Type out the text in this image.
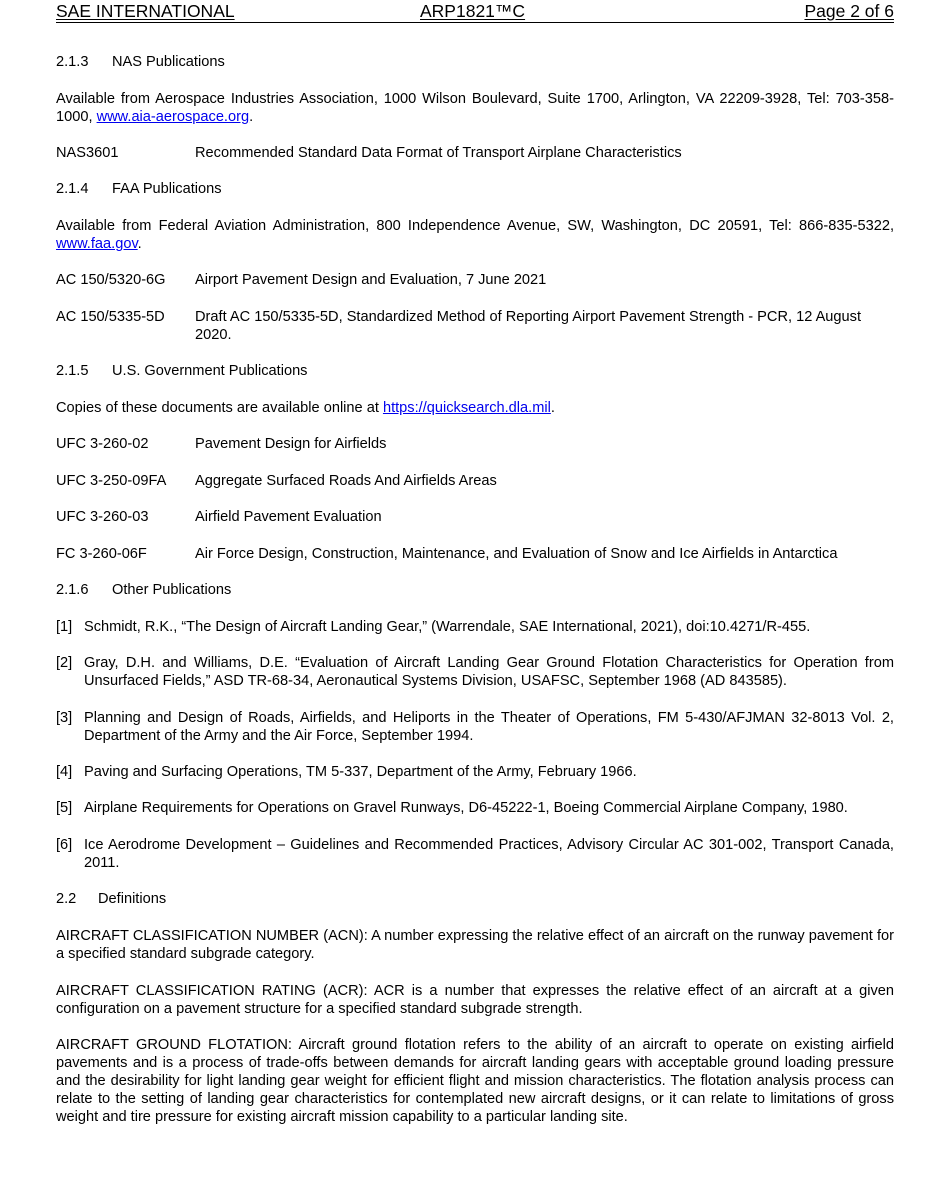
SAE INTERNATIONAL	ARP1821™C	Page 2 of 6
2.1.3 NAS Publications
Available from Aerospace Industries Association, 1000 Wilson Boulevard, Suite 1700, Arlington, VA 22209-3928, Tel: 703-358-1000, www.aia-aerospace.org.
NAS3601	Recommended Standard Data Format of Transport Airplane Characteristics
2.1.4 FAA Publications
Available from Federal Aviation Administration, 800 Independence Avenue, SW, Washington, DC 20591, Tel: 866-835-5322, www.faa.gov.
AC 150/5320-6G Airport Pavement Design and Evaluation, 7 June 2021
AC 150/5335-5D Draft AC 150/5335-5D, Standardized Method of Reporting Airport Pavement Strength - PCR, 12 August 2020.
2.1.5 U.S. Government Publications
Copies of these documents are available online at https://quicksearch.dla.mil.
UFC 3-260-02	Pavement Design for Airfields
UFC 3-250-09FA Aggregate Surfaced Roads And Airfields Areas
UFC 3-260-03	Airfield Pavement Evaluation
FC 3-260-06F	Air Force Design, Construction, Maintenance, and Evaluation of Snow and Ice Airfields in Antarctica
2.1.6 Other Publications
[1] Schmidt, R.K., “The Design of Aircraft Landing Gear,” (Warrendale, SAE International, 2021), doi:10.4271/R-455.
[2] Gray, D.H. and Williams, D.E. “Evaluation of Aircraft Landing Gear Ground Flotation Characteristics for Operation from Unsurfaced Fields,” ASD TR-68-34, Aeronautical Systems Division, USAFSC, September 1968 (AD 843585).
[3] Planning and Design of Roads, Airfields, and Heliports in the Theater of Operations, FM 5-430/AFJMAN 32-8013 Vol. 2, Department of the Army and the Air Force, September 1994.
[4] Paving and Surfacing Operations, TM 5-337, Department of the Army, February 1966.
[5] Airplane Requirements for Operations on Gravel Runways, D6-45222-1, Boeing Commercial Airplane Company, 1980.
[6] Ice Aerodrome Development – Guidelines and Recommended Practices, Advisory Circular AC 301-002, Transport Canada, 2011.
2.2 Definitions
AIRCRAFT CLASSIFICATION NUMBER (ACN): A number expressing the relative effect of an aircraft on the runway pavement for a specified standard subgrade category.
AIRCRAFT CLASSIFICATION RATING (ACR): ACR is a number that expresses the relative effect of an aircraft at a given configuration on a pavement structure for a specified standard subgrade strength.
AIRCRAFT GROUND FLOTATION: Aircraft ground flotation refers to the ability of an aircraft to operate on existing airfield pavements and is a process of trade-offs between demands for aircraft landing gears with acceptable ground loading pressure and the desirability for light landing gear weight for efficient flight and mission characteristics. The flotation analysis process can relate to the setting of landing gear characteristics for contemplated new aircraft designs, or it can relate to limitations of gross weight and tire pressure for existing aircraft mission capability to a particular landing site.
